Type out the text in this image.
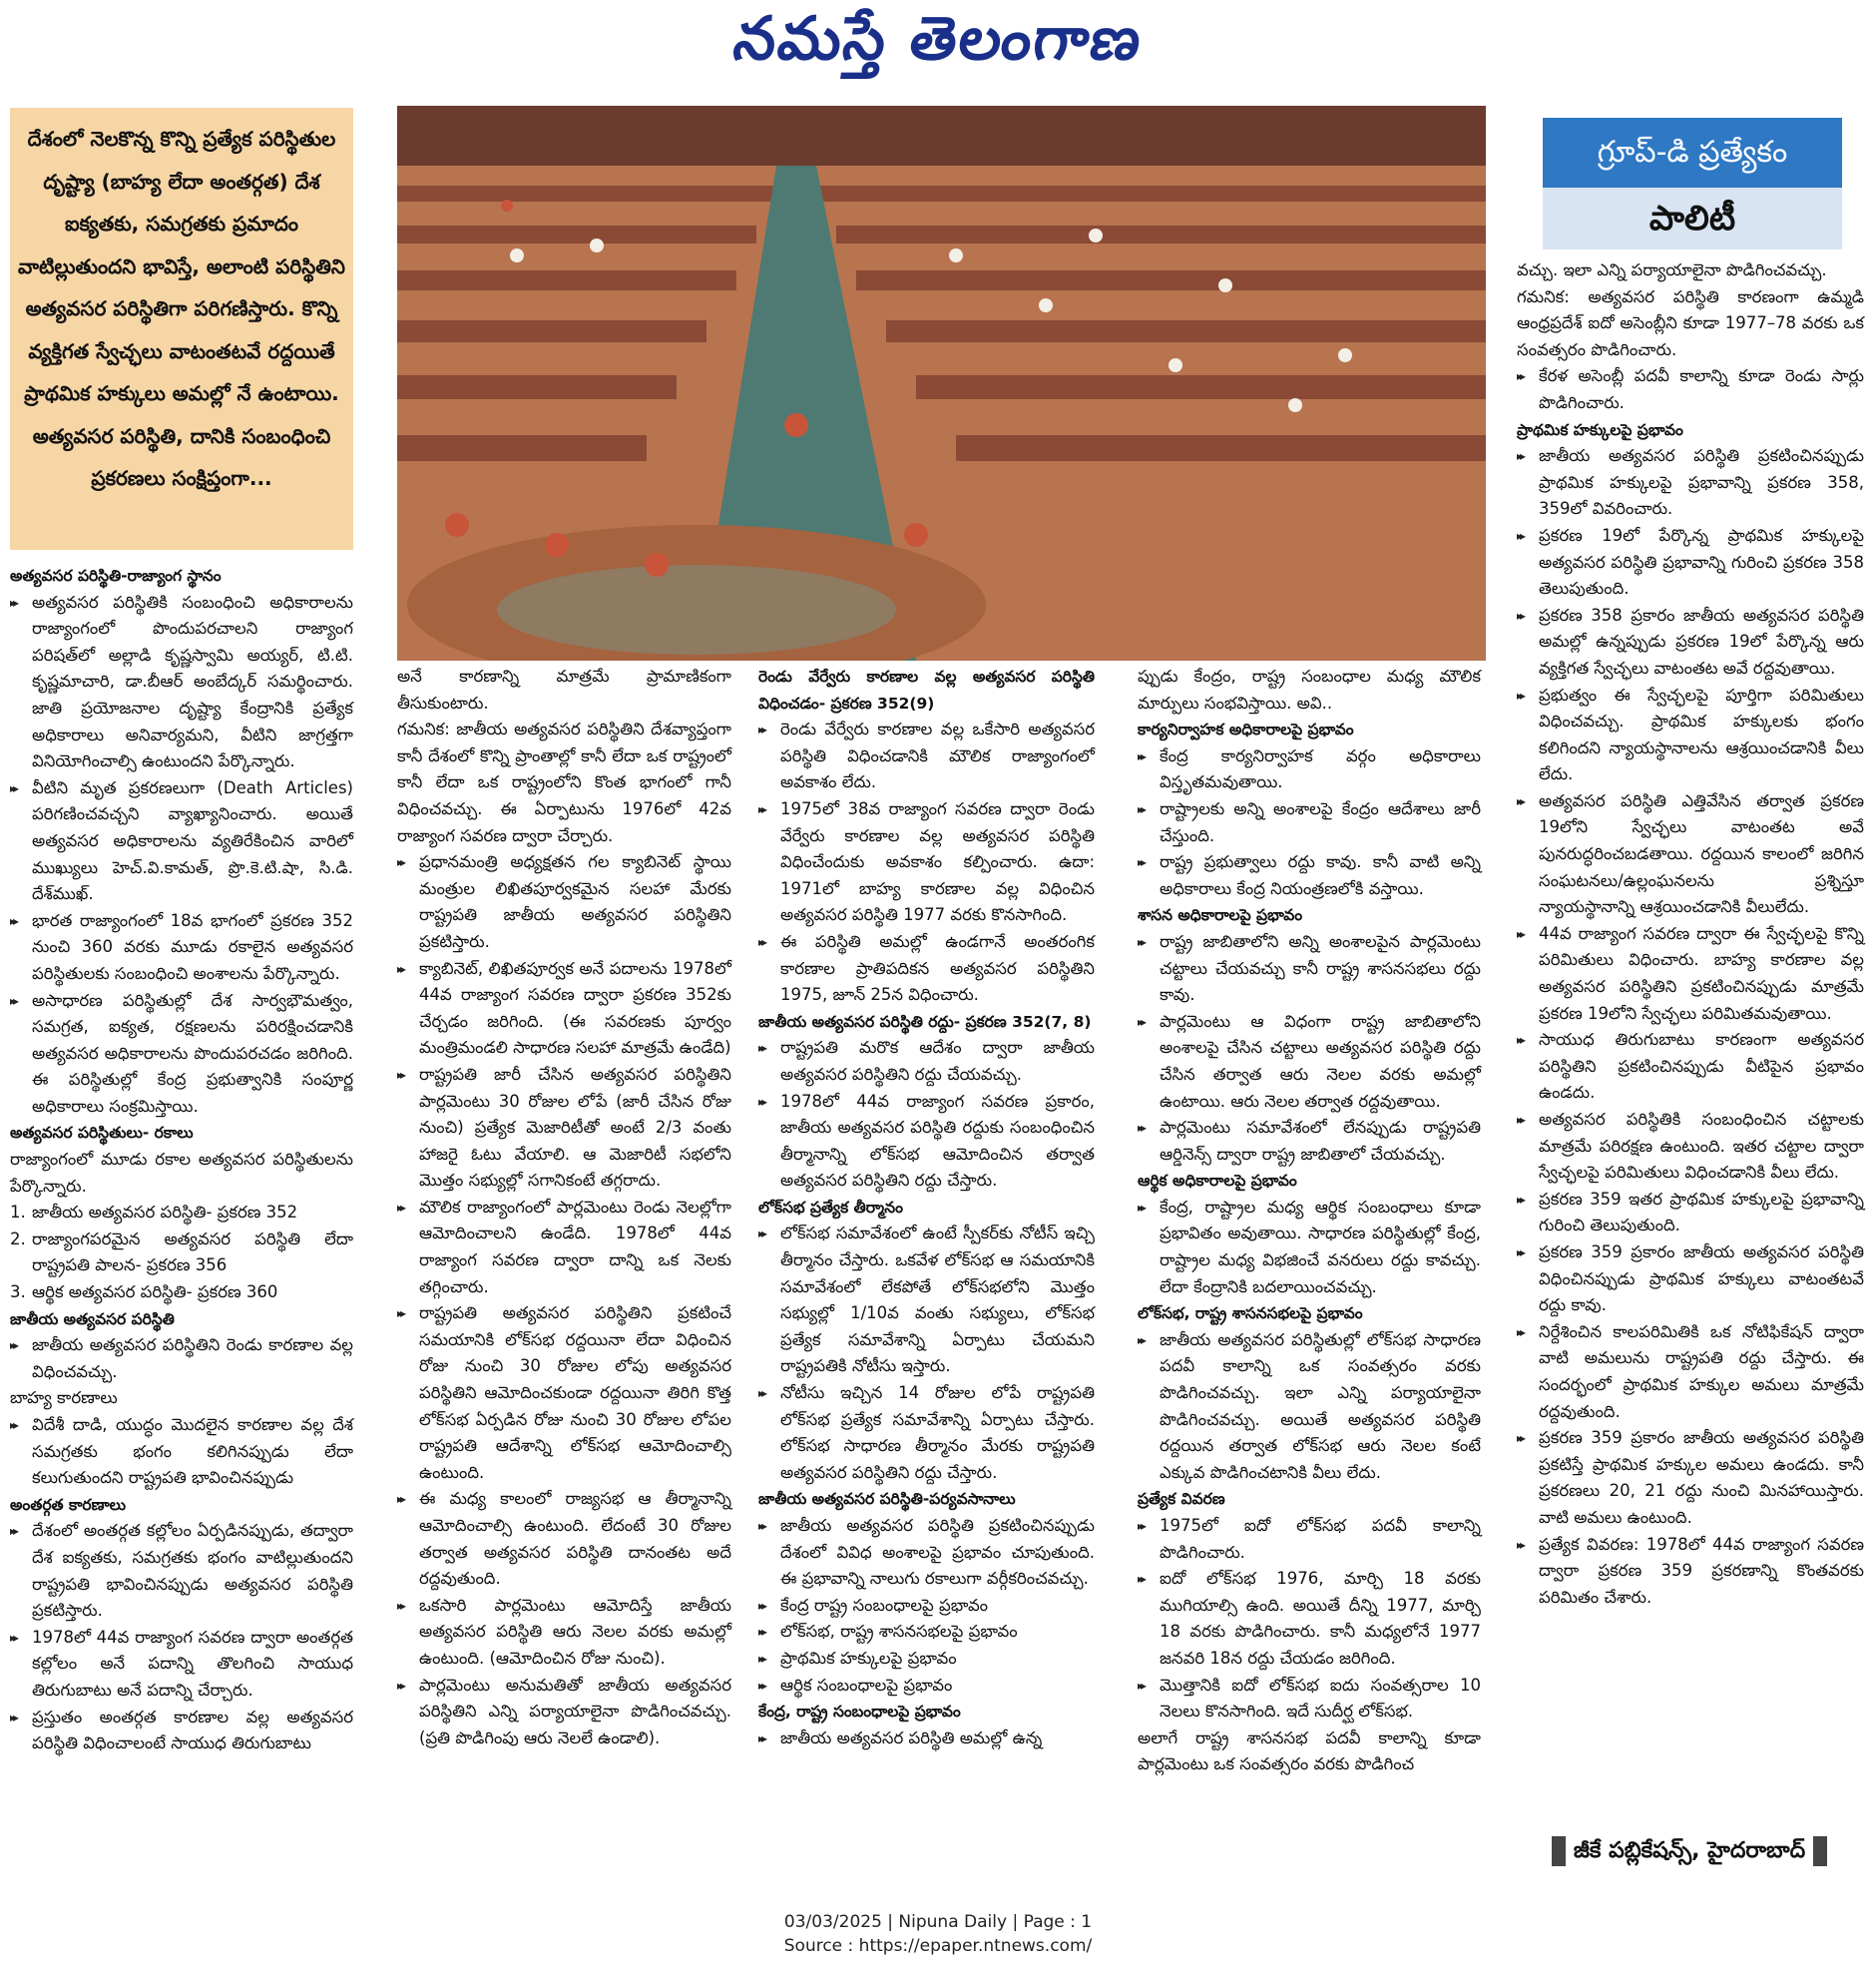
నమస్తే తెలంగాణ
దేశంలో నెలకొన్న కొన్ని ప్రత్యేక పరిస్థితుల దృష్ట్యా (బాహ్య లేదా అంతర్గత) దేశ ఐక్యతకు, సమగ్రతకు ప్రమాదం వాటిల్లుతుందని భావిస్తే, అలాంటి పరిస్థితిని అత్యవసర పరిస్థితిగా పరిగణిస్తారు. కొన్ని వ్యక్తిగత స్వేచ్ఛలు వాటంతటవే రద్దయితే ప్రాథమిక హక్కులు అమల్లో నే ఉంటాయి. అత్యవసర పరిస్థితి, దానికి సంబంధించి ప్రకరణలు సంక్షిప్తంగా...
గ్రూప్-డి ప్రత్యేకం
పాలిటీ

అత్యవసర పరిస్థితి-రాజ్యాంగ స్థానం

▸▸ అత్యవసర పరిస్థితికి సంబంధించి అధికారాలను రాజ్యాంగంలో పొందుపరచాలని రాజ్యాంగ పరిషత్‌లో అల్లాడి కృష్ణస్వామి అయ్యర్, టి.టి. కృష్ణమాచారి, డా.బీఆర్ అంబేద్కర్ సమర్థించారు. జాతి ప్రయోజనాల దృష్ట్యా కేంద్రానికి ప్రత్యేక అధికారాలు అనివార్యమని, వీటిని జాగ్రత్తగా వినియోగించాల్సి ఉంటుందని పేర్కొన్నారు.

▸▸ వీటిని మృత ప్రకరణలుగా (Death Articles) పరిగణించవచ్చని వ్యాఖ్యానించారు. అయితే అత్యవసర అధికారాలను వ్యతిరేకించిన వారిలో ముఖ్యులు హెచ్.వి.కామత్, ప్రొ.కె.టి.షా, సి.డి. దేశ్‌ముఖ్.

▸▸ భారత రాజ్యాంగంలో 18వ భాగంలో ప్రకరణ 352 నుంచి 360 వరకు మూడు రకాలైన అత్యవసర పరిస్థితులకు సంబంధించి అంశాలను పేర్కొన్నారు.

▸▸ అసాధారణ పరిస్థితుల్లో దేశ సార్వభౌమత్వం, సమగ్రత, ఐక్యత, రక్షణలను పరిరక్షించడానికి అత్యవసర అధికారాలను పొందుపరచడం జరిగింది. ఈ పరిస్థితుల్లో కేంద్ర ప్రభుత్వానికి సంపూర్ణ అధికారాలు సంక్రమిస్తాయి.

అత్యవసర పరిస్థితులు- రకాలు

రాజ్యాంగంలో మూడు రకాల అత్యవసర పరిస్థితులను పేర్కొన్నారు.

1. జాతీయ అత్యవసర పరిస్థితి- ప్రకరణ 352

2. రాజ్యాంగపరమైన అత్యవసర పరిస్థితి లేదా రాష్ట్రపతి పాలన- ప్రకరణ 356

3. ఆర్థిక అత్యవసర పరిస్థితి- ప్రకరణ 360

జాతీయ అత్యవసర పరిస్థితి

▸▸ జాతీయ అత్యవసర పరిస్థితిని రెండు కారణాల వల్ల విధించవచ్చు.

బాహ్య కారణాలు

▸▸ విదేశీ దాడి, యుద్ధం మొదలైన కారణాల వల్ల దేశ సమగ్రతకు భంగం కలిగినప్పుడు లేదా కలుగుతుందని రాష్ట్రపతి భావించినప్పుడు

అంతర్గత కారణాలు

▸▸ దేశంలో అంతర్గత కల్లోలం ఏర్పడినప్పుడు, తద్వారా దేశ ఐక్యతకు, సమగ్రతకు భంగం వాటిల్లుతుందని రాష్ట్రపతి భావించినప్పుడు అత్యవసర పరిస్థితి ప్రకటిస్తారు.

▸▸ 1978లో 44వ రాజ్యాంగ సవరణ ద్వారా అంతర్గత కల్లోలం అనే పదాన్ని తొలగించి సాయుధ తిరుగుబాటు అనే పదాన్ని చేర్చారు.

▸▸ ప్రస్తుతం అంతర్గత కారణాల వల్ల అత్యవసర పరిస్థితి విధించాలంటే సాయుధ తిరుగుబాటు

అనే కారణాన్ని మాత్రమే ప్రామాణికంగా తీసుకుంటారు.

గమనిక: జాతీయ అత్యవసర పరిస్థితిని దేశవ్యాప్తంగా కానీ దేశంలో కొన్ని ప్రాంతాల్లో కానీ లేదా ఒక రాష్ట్రంలో కానీ లేదా ఒక రాష్ట్రంలోని కొంత భాగంలో గానీ విధించవచ్చు. ఈ ఏర్పాటును 1976లో 42వ రాజ్యాంగ సవరణ ద్వారా చేర్చారు.

▸▸ ప్రధానమంత్రి అధ్యక్షతన గల క్యాబినెట్ స్థాయి మంత్రుల లిఖితపూర్వకమైన సలహా మేరకు రాష్ట్రపతి జాతీయ అత్యవసర పరిస్థితిని ప్రకటిస్తారు.

▸▸ క్యాబినెట్, లిఖితపూర్వక అనే పదాలను 1978లో 44వ రాజ్యాంగ సవరణ ద్వారా ప్రకరణ 352కు చేర్చడం జరిగింది. (ఈ సవరణకు పూర్వం మంత్రిమండలి సాధారణ సలహా మాత్రమే ఉండేది)

▸▸ రాష్ట్రపతి జారీ చేసిన అత్యవసర పరిస్థితిని పార్లమెంటు 30 రోజుల లోపే (జారీ చేసిన రోజు నుంచి) ప్రత్యేక మెజారిటీతో అంటే 2/3 వంతు హాజరై ఓటు వేయాలి. ఆ మెజారిటీ సభలోని మొత్తం సభ్యుల్లో సగానికంటే తగ్గరాదు.

▸▸ మౌలిక రాజ్యాంగంలో పార్లమెంటు రెండు నెలల్లోగా ఆమోదించాలని ఉండేది. 1978లో 44వ రాజ్యాంగ సవరణ ద్వారా దాన్ని ఒక నెలకు తగ్గించారు.

▸▸ రాష్ట్రపతి అత్యవసర పరిస్థితిని ప్రకటించే సమయానికి లోక్‌సభ రద్దయినా లేదా విధించిన రోజు నుంచి 30 రోజుల లోపు అత్యవసర పరిస్థితిని ఆమోదించకుండా రద్దయినా తిరిగి కొత్త లోక్‌సభ ఏర్పడిన రోజు నుంచి 30 రోజుల లోపల రాష్ట్రపతి ఆదేశాన్ని లోక్‌సభ ఆమోదించాల్సి ఉంటుంది.

▸▸ ఈ మధ్య కాలంలో రాజ్యసభ ఆ తీర్మానాన్ని ఆమోదించాల్సి ఉంటుంది. లేదంటే 30 రోజుల తర్వాత అత్యవసర పరిస్థితి దానంతట అదే రద్దవుతుంది.

▸▸ ఒకసారి పార్లమెంటు ఆమోదిస్తే జాతీయ అత్యవసర పరిస్థితి ఆరు నెలల వరకు అమల్లో ఉంటుంది. (ఆమోదించిన రోజు నుంచి).

▸▸ పార్లమెంటు అనుమతితో జాతీయ అత్యవసర పరిస్థితిని ఎన్ని పర్యాయాలైనా పొడిగించవచ్చు. (ప్రతి పొడిగింపు ఆరు నెలలే ఉండాలి).

రెండు వేర్వేరు కారణాల వల్ల అత్యవసర పరిస్థితి విధించడం- ప్రకరణ 352(9)

▸▸ రెండు వేర్వేరు కారణాల వల్ల ఒకేసారి అత్యవసర పరిస్థితి విధించడానికి మౌలిక రాజ్యాంగంలో అవకాశం లేదు.

▸▸ 1975లో 38వ రాజ్యాంగ సవరణ ద్వారా రెండు వేర్వేరు కారణాల వల్ల అత్యవసర పరిస్థితి విధించేందుకు అవకాశం కల్పించారు. ఉదా: 1971లో బాహ్య కారణాల వల్ల విధించిన అత్యవసర పరిస్థితి 1977 వరకు కొనసాగింది.

▸▸ ఈ పరిస్థితి అమల్లో ఉండగానే అంతరంగిక కారణాల ప్రాతిపదికన అత్యవసర పరిస్థితిని 1975, జూన్ 25న విధించారు.

జాతీయ అత్యవసర పరిస్థితి రద్దు- ప్రకరణ 352(7, 8)

▸▸ రాష్ట్రపతి మరొక ఆదేశం ద్వారా జాతీయ అత్యవసర పరిస్థితిని రద్దు చేయవచ్చు.

▸▸ 1978లో 44వ రాజ్యాంగ సవరణ ప్రకారం, జాతీయ అత్యవసర పరిస్థితి రద్దుకు సంబంధించిన తీర్మానాన్ని లోక్‌సభ ఆమోదించిన తర్వాత అత్యవసర పరిస్థితిని రద్దు చేస్తారు.

లోక్‌సభ ప్రత్యేక తీర్మానం

▸▸ లోక్‌సభ సమావేశంలో ఉంటే స్పీకర్‌కు నోటీస్ ఇచ్చి తీర్మానం చేస్తారు. ఒకవేళ లోక్‌సభ ఆ సమయానికి సమావేశంలో లేకపోతే లోక్‌సభలోని మొత్తం సభ్యుల్లో 1/10వ వంతు సభ్యులు, లోక్‌సభ ప్రత్యేక సమావేశాన్ని ఏర్పాటు చేయమని రాష్ట్రపతికి నోటీసు ఇస్తారు.

▸▸ నోటీసు ఇచ్చిన 14 రోజుల లోపే రాష్ట్రపతి లోక్‌సభ ప్రత్యేక సమావేశాన్ని ఏర్పాటు చేస్తారు. లోక్‌సభ సాధారణ తీర్మానం మేరకు రాష్ట్రపతి అత్యవసర పరిస్థితిని రద్దు చేస్తారు.

జాతీయ అత్యవసర పరిస్థితి-పర్యవసానాలు

▸▸ జాతీయ అత్యవసర పరిస్థితి ప్రకటించినప్పుడు దేశంలో వివిధ అంశాలపై ప్రభావం చూపుతుంది. ఈ ప్రభావాన్ని నాలుగు రకాలుగా వర్గీకరించవచ్చు.

▸▸ కేంద్ర రాష్ట్ర సంబంధాలపై ప్రభావం

▸▸ లోక్‌సభ, రాష్ట్ర శాసనసభలపై ప్రభావం

▸▸ ప్రాథమిక హక్కులపై ప్రభావం

▸▸ ఆర్థిక సంబంధాలపై ప్రభావం

కేంద్ర, రాష్ట్ర సంబంధాలపై ప్రభావం

▸▸ జాతీయ అత్యవసర పరిస్థితి అమల్లో ఉన్న

ప్పుడు కేంద్రం, రాష్ట్ర సంబంధాల మధ్య మౌలిక మార్పులు సంభవిస్తాయి. అవి..

కార్యనిర్వాహక అధికారాలపై ప్రభావం

▸▸ కేంద్ర కార్యనిర్వాహక వర్గం అధికారాలు విస్తృతమవుతాయి.

▸▸ రాష్ట్రాలకు అన్ని అంశాలపై కేంద్రం ఆదేశాలు జారీ చేస్తుంది.

▸▸ రాష్ట్ర ప్రభుత్వాలు రద్దు కావు. కానీ వాటి అన్ని అధికారాలు కేంద్ర నియంత్రణలోకి వస్తాయి.

శాసన అధికారాలపై ప్రభావం

▸▸ రాష్ట్ర జాబితాలోని అన్ని అంశాలపైన పార్లమెంటు చట్టాలు చేయవచ్చు కానీ రాష్ట్ర శాసనసభలు రద్దు కావు.

▸▸ పార్లమెంటు ఆ విధంగా రాష్ట్ర జాబితాలోని అంశాలపై చేసిన చట్టాలు అత్యవసర పరిస్థితి రద్దు చేసిన తర్వాత ఆరు నెలల వరకు అమల్లో ఉంటాయి. ఆరు నెలల తర్వాత రద్దవుతాయి.

▸▸ పార్లమెంటు సమావేశంలో లేనప్పుడు రాష్ట్రపతి ఆర్డినెన్స్ ద్వారా రాష్ట్ర జాబితాలో చేయవచ్చు.

ఆర్థిక అధికారాలపై ప్రభావం

▸▸ కేంద్ర, రాష్ట్రాల మధ్య ఆర్థిక సంబంధాలు కూడా ప్రభావితం అవుతాయి. సాధారణ పరిస్థితుల్లో కేంద్ర, రాష్ట్రాల మధ్య విభజించే వనరులు రద్దు కావచ్చు. లేదా కేంద్రానికి బదలాయించవచ్చు.

లోక్‌సభ, రాష్ట్ర శాసనసభలపై ప్రభావం

▸▸ జాతీయ అత్యవసర పరిస్థితుల్లో లోక్‌సభ సాధారణ పదవీ కాలాన్ని ఒక సంవత్సరం వరకు పొడిగించవచ్చు. ఇలా ఎన్ని పర్యాయాలైనా పొడిగించవచ్చు. అయితే అత్యవసర పరిస్థితి రద్దయిన తర్వాత లోక్‌సభ ఆరు నెలల కంటే ఎక్కువ పొడిగించటానికి వీలు లేదు.

ప్రత్యేక వివరణ

▸▸ 1975లో ఐదో లోక్‌సభ పదవీ కాలాన్ని పొడిగించారు.

▸▸ ఐదో లోక్‌సభ 1976, మార్చి 18 వరకు ముగియాల్సి ఉంది. అయితే దీన్ని 1977, మార్చి 18 వరకు పొడిగించారు. కానీ మధ్యలోనే 1977 జనవరి 18న రద్దు చేయడం జరిగింది.

▸▸ మొత్తానికి ఐదో లోక్‌సభ ఐదు సంవత్సరాల 10 నెలలు కొనసాగింది. ఇదే సుదీర్ఘ లోక్‌సభ.

అలాగే రాష్ట్ర శాసనసభ పదవీ కాలాన్ని కూడా పార్లమెంటు ఒక సంవత్సరం వరకు పొడిగించ

వచ్చు. ఇలా ఎన్ని పర్యాయాలైనా పొడిగించవచ్చు.

గమనిక: అత్యవసర పరిస్థితి కారణంగా ఉమ్మడి ఆంధ్రప్రదేశ్ ఐదో అసెంబ్లీని కూడా 1977–78 వరకు ఒక సంవత్సరం పొడిగించారు.

▸▸ కేరళ అసెంబ్లీ పదవీ కాలాన్ని కూడా రెండు సార్లు పొడిగించారు.

ప్రాథమిక హక్కులపై ప్రభావం

▸▸ జాతీయ అత్యవసర పరిస్థితి ప్రకటించినప్పుడు ప్రాథమిక హక్కులపై ప్రభావాన్ని ప్రకరణ 358, 359లో వివరించారు.

▸▸ ప్రకరణ 19లో పేర్కొన్న ప్రాథమిక హక్కులపై అత్యవసర పరిస్థితి ప్రభావాన్ని గురించి ప్రకరణ 358 తెలుపుతుంది.

▸▸ ప్రకరణ 358 ప్రకారం జాతీయ అత్యవసర పరిస్థితి అమల్లో ఉన్నప్పుడు ప్రకరణ 19లో పేర్కొన్న ఆరు వ్యక్తిగత స్వేచ్ఛలు వాటంతట అవే రద్దవుతాయి.

▸▸ ప్రభుత్వం ఈ స్వేచ్ఛలపై పూర్తిగా పరిమితులు విధించవచ్చు. ప్రాథమిక హక్కులకు భంగం కలిగిందని న్యాయస్థానాలను ఆశ్రయించడానికి వీలు లేదు.

▸▸ అత్యవసర పరిస్థితి ఎత్తివేసిన తర్వాత ప్రకరణ 19లోని స్వేచ్ఛలు వాటంతట అవే పునరుద్ధరించబడతాయి. రద్దయిన కాలంలో జరిగిన సంఘటనలు/ఉల్లంఘనలను ప్రశ్నిస్తూ న్యాయస్థానాన్ని ఆశ్రయించడానికి వీలులేదు.

▸▸ 44వ రాజ్యాంగ సవరణ ద్వారా ఈ స్వేచ్ఛలపై కొన్ని పరిమితులు విధించారు. బాహ్య కారణాల వల్ల అత్యవసర పరిస్థితిని ప్రకటించినప్పుడు మాత్రమే ప్రకరణ 19లోని స్వేచ్ఛలు పరిమితమవుతాయి.

▸▸ సాయుధ తిరుగుబాటు కారణంగా అత్యవసర పరిస్థితిని ప్రకటించినప్పుడు వీటిపైన ప్రభావం ఉండదు.

▸▸ అత్యవసర పరిస్థితికి సంబంధించిన చట్టాలకు మాత్రమే పరిరక్షణ ఉంటుంది. ఇతర చట్టాల ద్వారా స్వేచ్ఛలపై పరిమితులు విధించడానికి వీలు లేదు.

▸▸ ప్రకరణ 359 ఇతర ప్రాథమిక హక్కులపై ప్రభావాన్ని గురించి తెలుపుతుంది.

▸▸ ప్రకరణ 359 ప్రకారం జాతీయ అత్యవసర పరిస్థితి విధించినప్పుడు ప్రాథమిక హక్కులు వాటంతటవే రద్దు కావు.

▸▸ నిర్దేశించిన కాలపరిమితికి ఒక నోటిఫికేషన్ ద్వారా వాటి అమలును రాష్ట్రపతి రద్దు చేస్తారు. ఈ సందర్భంలో ప్రాథమిక హక్కుల అమలు మాత్రమే రద్దవుతుంది.

▸▸ ప్రకరణ 359 ప్రకారం జాతీయ అత్యవసర పరిస్థితి ప్రకటిస్తే ప్రాథమిక హక్కుల అమలు ఉండదు. కానీ ప్రకరణలు 20, 21 రద్దు నుంచి మినహాయిస్తారు. వాటి అమలు ఉంటుంది.

▸▸ ప్రత్యేక వివరణ: 1978లో 44వ రాజ్యాంగ సవరణ ద్వారా ప్రకరణ 359 ప్రకరణాన్ని కొంతవరకు పరిమితం చేశారు.

జీకే పబ్లికేషన్స్, హైదరాబాద్
03/03/2025 | Nipuna Daily | Page : 1
Source : https://epaper.ntnews.com/
